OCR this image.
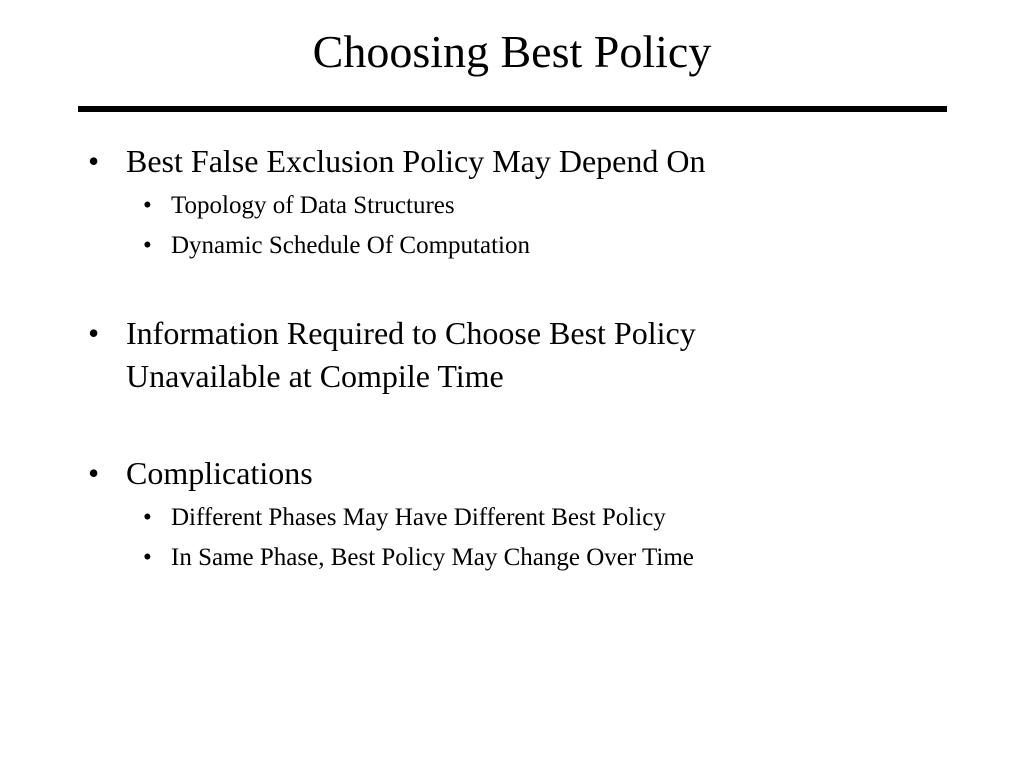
Choosing Best Policy
• Best False Exclusion Policy May Depend On
• Topology of Data Structures
• Dynamic Schedule Of Computation
• Information Required to Choose Best Policy
Unavailable at Compile Time
• Complications
• Different Phases May Have Different Best Policy
• In Same Phase, Best Policy May Change Over Time
